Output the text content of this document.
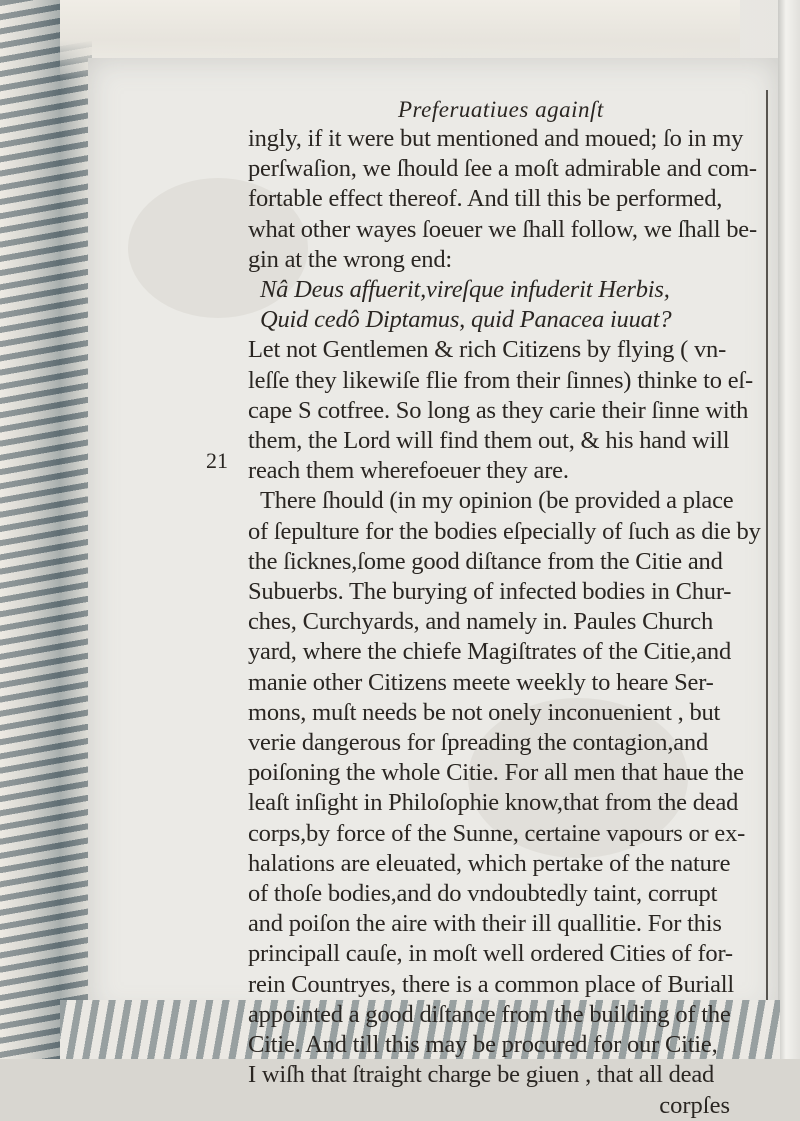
21
Preferuatiues againſt
ingly, if it were but mentioned and moued; ſo in my
perſwaſion, we ſhould ſee a moſt admirable and com-
fortable effect thereof. And till this be performed,
what other wayes ſoeuer we ſhall follow, we ſhall be-
gin at the wrong end:
Nâ Deus affuerit,vireſque infuderit Herbis,
Quid cedô Diptamus, quid Panacea iuuat?
Let not Gentlemen & rich Citizens by flying ( vn-
leſſe they likewiſe flie from their ſinnes) thinke to eſ-
cape S cotfree. So long as they carie their ſinne with
them, the Lord will find them out, & his hand will
reach them wherefoeuer they are.
There ſhould (in my opinion (be provided a place
of ſepulture for the bodies eſpecially of ſuch as die by
the ſicknes,ſome good diſtance from the Citie and
Subuerbs. The burying of infected bodies in Chur-
ches, Curchyards, and namely in. Paules Church
yard, where the chiefe Magiſtrates of the Citie,and
manie other Citizens meete weekly to heare Ser-
mons, muſt needs be not onely inconuenient , but
verie dangerous for ſpreading the contagion,and
poiſoning the whole Citie. For all men that haue the
leaſt inſight in Philoſophie know,that from the dead
corps,by force of the Sunne, certaine vapours or ex-
halations are eleuated, which pertake of the nature
of thoſe bodies,and do vndoubtedly taint, corrupt
and poiſon the aire with their ill quallitie. For this
principall cauſe, in moſt well ordered Cities of for-
rein Countryes, there is a common place of Buriall
appointed a good diſtance from the building of the
Citie. And till this may be procured for our Citie,
I wiſh that ſtraight charge be giuen , that all dead
corpſes
